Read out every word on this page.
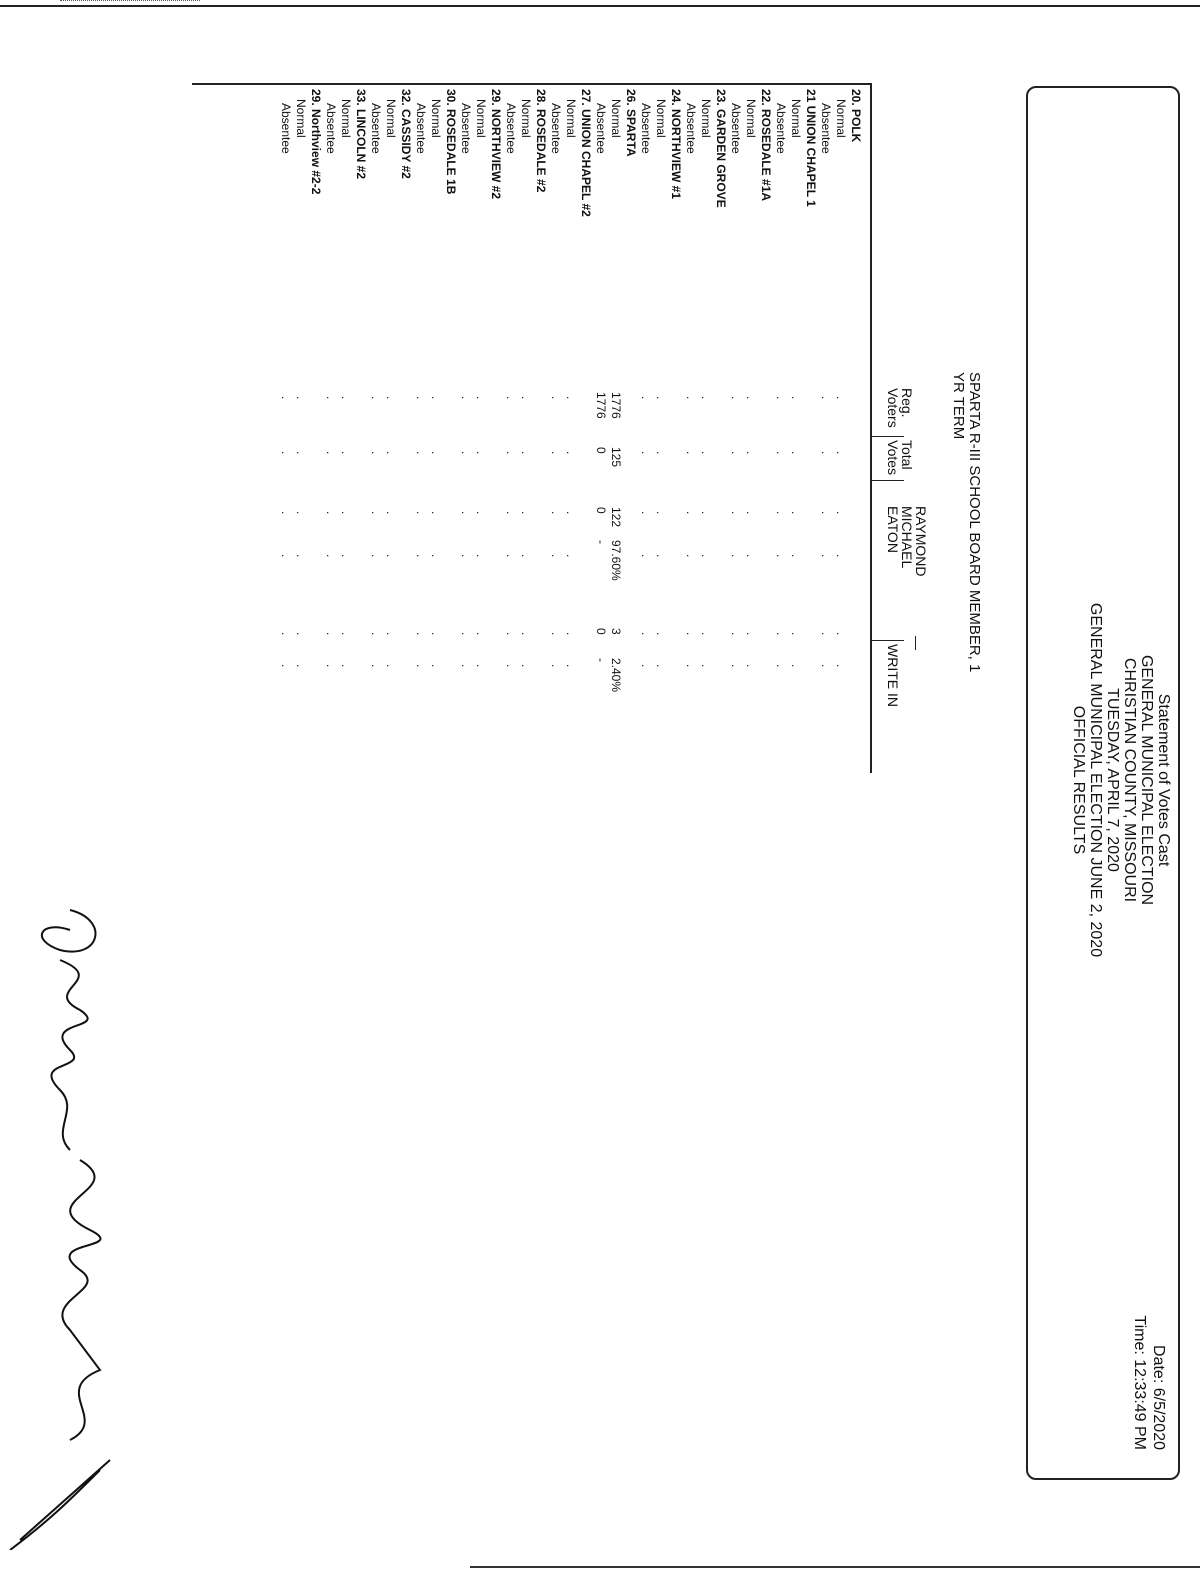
Statement of Votes Cast
GENERAL MUNICIPAL ELECTION
CHRISTIAN COUNTY, MISSOURI
TUESDAY, APRIL 7, 2020
GENERAL MUNICIPAL ELECTION JUNE 2, 2020
OFFICIAL RESULTS
Date: 6/5/2020
Time: 12:33:49 PM
SPARTA R-III SCHOOL BOARD MEMBER, 1
YR TERM
Reg.
Voters
Total
Votes
RAYMOND
MICHAEL
EATON
WRITE IN
20. POLK
Normal
Absentee
21 UNION CHAPEL 1
Normal
Absentee
22. ROSEDALE #1A
Normal
Absentee
23. GARDEN GROVE
Normal
Absentee
24. NORTHVIEW #1
Normal
Absentee
26. SPARTA
Normal
Absentee
27. UNION CHAPEL #2
Normal
Absentee
28. ROSEDALE #2
Normal
Absentee
29. NORTHVIEW #2
Normal
Absentee
30. ROSEDALE 1B
Normal
Absentee
32. CASSIDY #2
Normal
Absentee
33. LINCOLN #2
Normal
Absentee
29. Northview #2-2
Normal
Absentee
.
.
.
.
.
.
.
.
.
.
.
.
.
.
.
.
.
.
.
.
.
.
.
.
.
.
.
.
.
.
.
.
.
.
.
.
.
.
.
.
.
.
.
.
.
.
.
.
.
.
.
.
.
.
.
.
.
.
.
.
1776
125
122
97.60%
3
2.40%
1776
0
0
-
0
-
.
.
.
.
.
.
.
.
.
.
.
.
.
.
.
.
.
.
.
.
.
.
.
.
.
.
.
.
.
.
.
.
.
.
.
.
.
.
.
.
.
.
.
.
.
.
.
.
.
.
.
.
.
.
.
.
.
.
.
.
.
.
.
.
.
.
.
.
.
.
.
.
.
.
.
.
.
.
.
.
.
.
.
.
